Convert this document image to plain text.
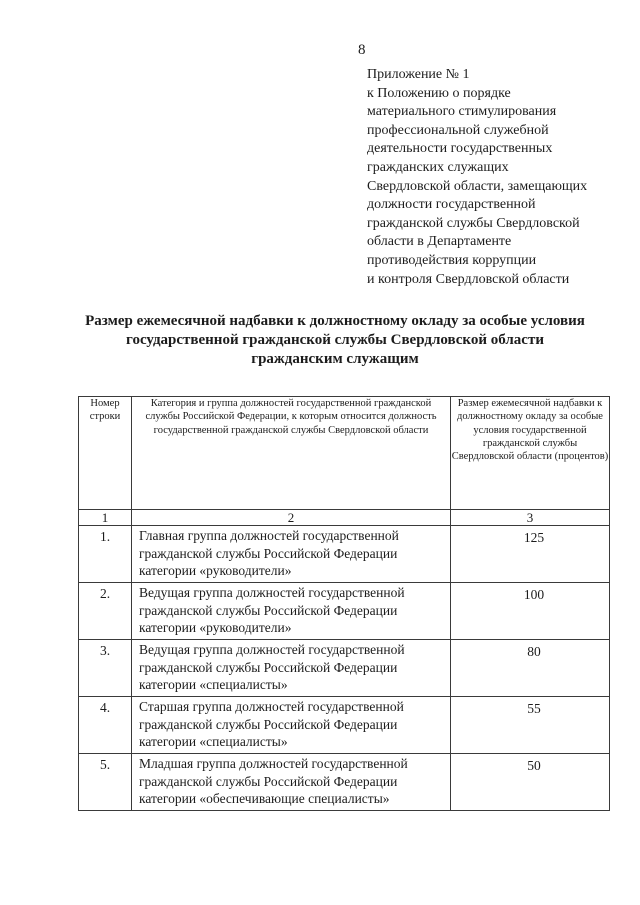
8
Приложение № 1
к Положению о порядке
материального стимулирования
профессиональной служебной
деятельности государственных
гражданских служащих
Свердловской области, замещающих
должности государственной
гражданской службы Свердловской
области в Департаменте
противодействия коррупции
и контроля Свердловской области
Размер ежемесячной надбавки к должностному окладу за особые условия
государственной гражданской службы Свердловской области
гражданским служащим
Номер строки	Категория и группа должностей государственной гражданской службы Российской Федерации, к которым относится должность государственной гражданской службы Свердловской области	Размер ежемесячной надбавки к должностному окладу за особые условия государственной гражданской службы Свердловской области (процентов)
1	2	3
1.	Главная группа должностей государственной гражданской службы Российской Федерации категории «руководители»	125
2.	Ведущая группа должностей государственной гражданской службы Российской Федерации категории «руководители»	100
3.	Ведущая группа должностей государственной гражданской службы Российской Федерации категории «специалисты»	80
4.	Старшая группа должностей государственной гражданской службы Российской Федерации категории «специалисты»	55
5.	Младшая группа должностей государственной гражданской службы Российской Федерации категории «обеспечивающие специалисты»	50
